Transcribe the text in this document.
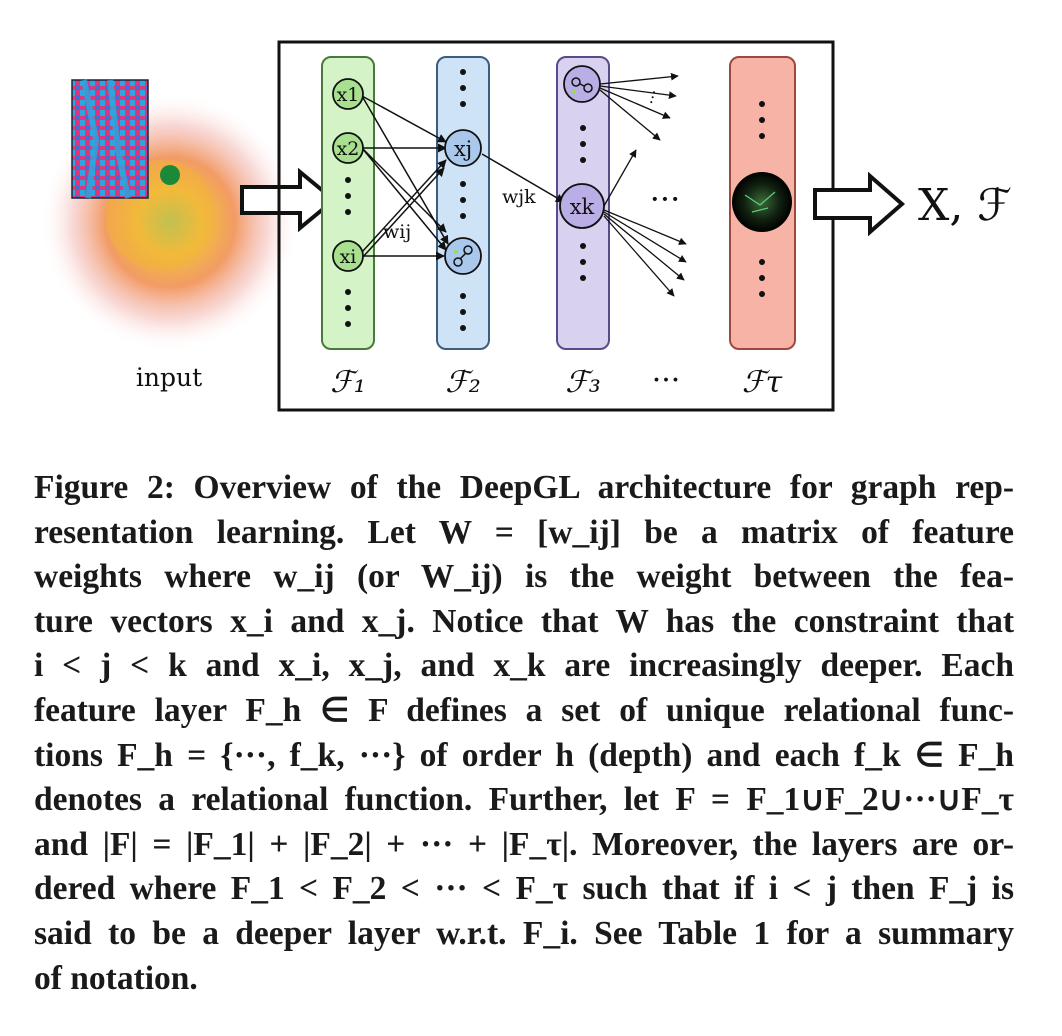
input
···
x1
x2
xi
xj
xk
wij
wjk	···
ℱ₁	ℱ₂	ℱ₃ ··· ℱτ
X, ℱ
Figure 2: Overview of the DeepGL architecture for graph rep-
resentation learning. Let W = [w_ij] be a matrix of feature
weights where w_ij (or W_ij) is the weight between the fea-
ture vectors x_i and x_j. Notice that W has the constraint that
i < j < k and x_i, x_j, and x_k are increasingly deeper. Each
feature layer F_h ∈ F defines a set of unique relational func-
tions F_h = {···, f_k, ···} of order h (depth) and each f_k ∈ F_h
denotes a relational function. Further, let F = F_1∪F_2∪···∪F_τ
and |F| = |F_1| + |F_2| + ··· + |F_τ|. Moreover, the layers are or-
dered where F_1 < F_2 < ··· < F_τ such that if i < j then F_j is
said to be a deeper layer w.r.t. F_i. See Table 1 for a summary
of notation.
